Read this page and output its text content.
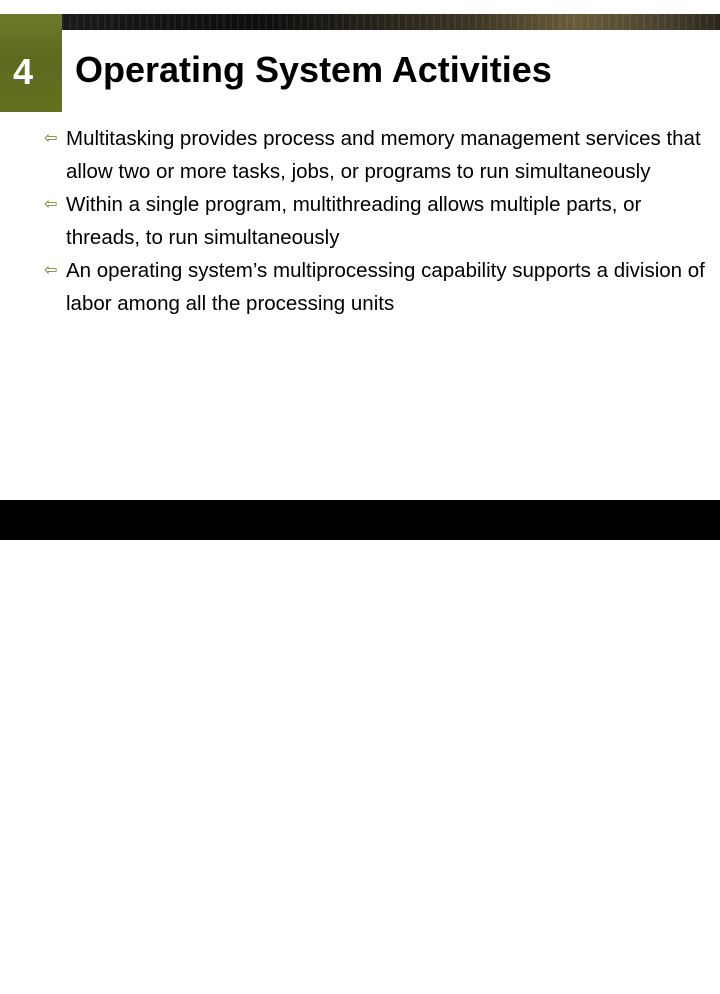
4	Operating System Activities
⇦ Multitasking provides process and memory management services that allow two or more tasks, jobs, or programs to run simultaneously
⇦ Within a single program, multithreading allows multiple parts, or threads, to run simultaneously
⇦ An operating system’s multiprocessing capability supports a division of labor among all the processing units
3
